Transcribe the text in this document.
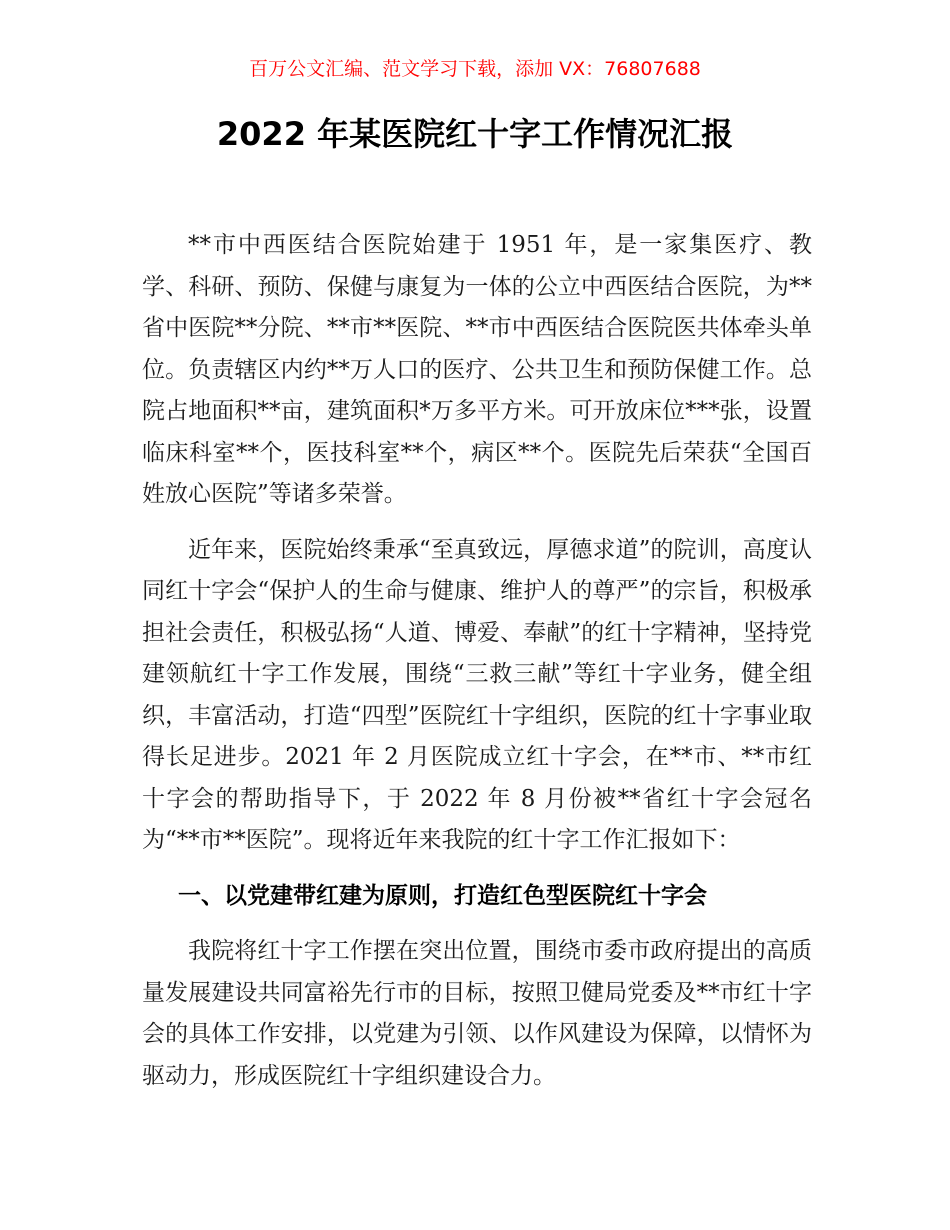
百万公文汇编、范文学习下载，添加 VX：76807688
2022 年某医院红十字工作情况汇报

**市中西医结合医院始建于 1951 年，是一家集医疗、教学、科研、预防、保健与康复为一体的公立中西医结合医院，为**省中医院**分院、**市**医院、**市中西医结合医院医共体牵头单位。负责辖区内约**万人口的医疗、公共卫生和预防保健工作。总院占地面积**亩，建筑面积*万多平方米。可开放床位***张，设置临床科室**个，医技科室**个，病区**个。医院先后荣获“全国百姓放心医院”等诸多荣誉。

近年来，医院始终秉承“至真致远，厚德求道”的院训，高度认同红十字会“保护人的生命与健康、维护人的尊严”的宗旨，积极承担社会责任，积极弘扬“人道、博爱、奉献”的红十字精神，坚持党建领航红十字工作发展，围绕“三救三献”等红十字业务，健全组织，丰富活动，打造“四型”医院红十字组织，医院的红十字事业取得长足进步。2021 年 2 月医院成立红十字会，在**市、**市红十字会的帮助指导下，于 2022 年 8 月份被**省红十字会冠名为“**市**医院”。现将近年来我院的红十字工作汇报如下：

一、以党建带红建为原则，打造红色型医院红十字会

我院将红十字工作摆在突出位置，围绕市委市政府提出的高质量发展建设共同富裕先行市的目标，按照卫健局党委及**市红十字会的具体工作安排，以党建为引领、以作风建设为保障，以情怀为驱动力，形成医院红十字组织建设合力。
